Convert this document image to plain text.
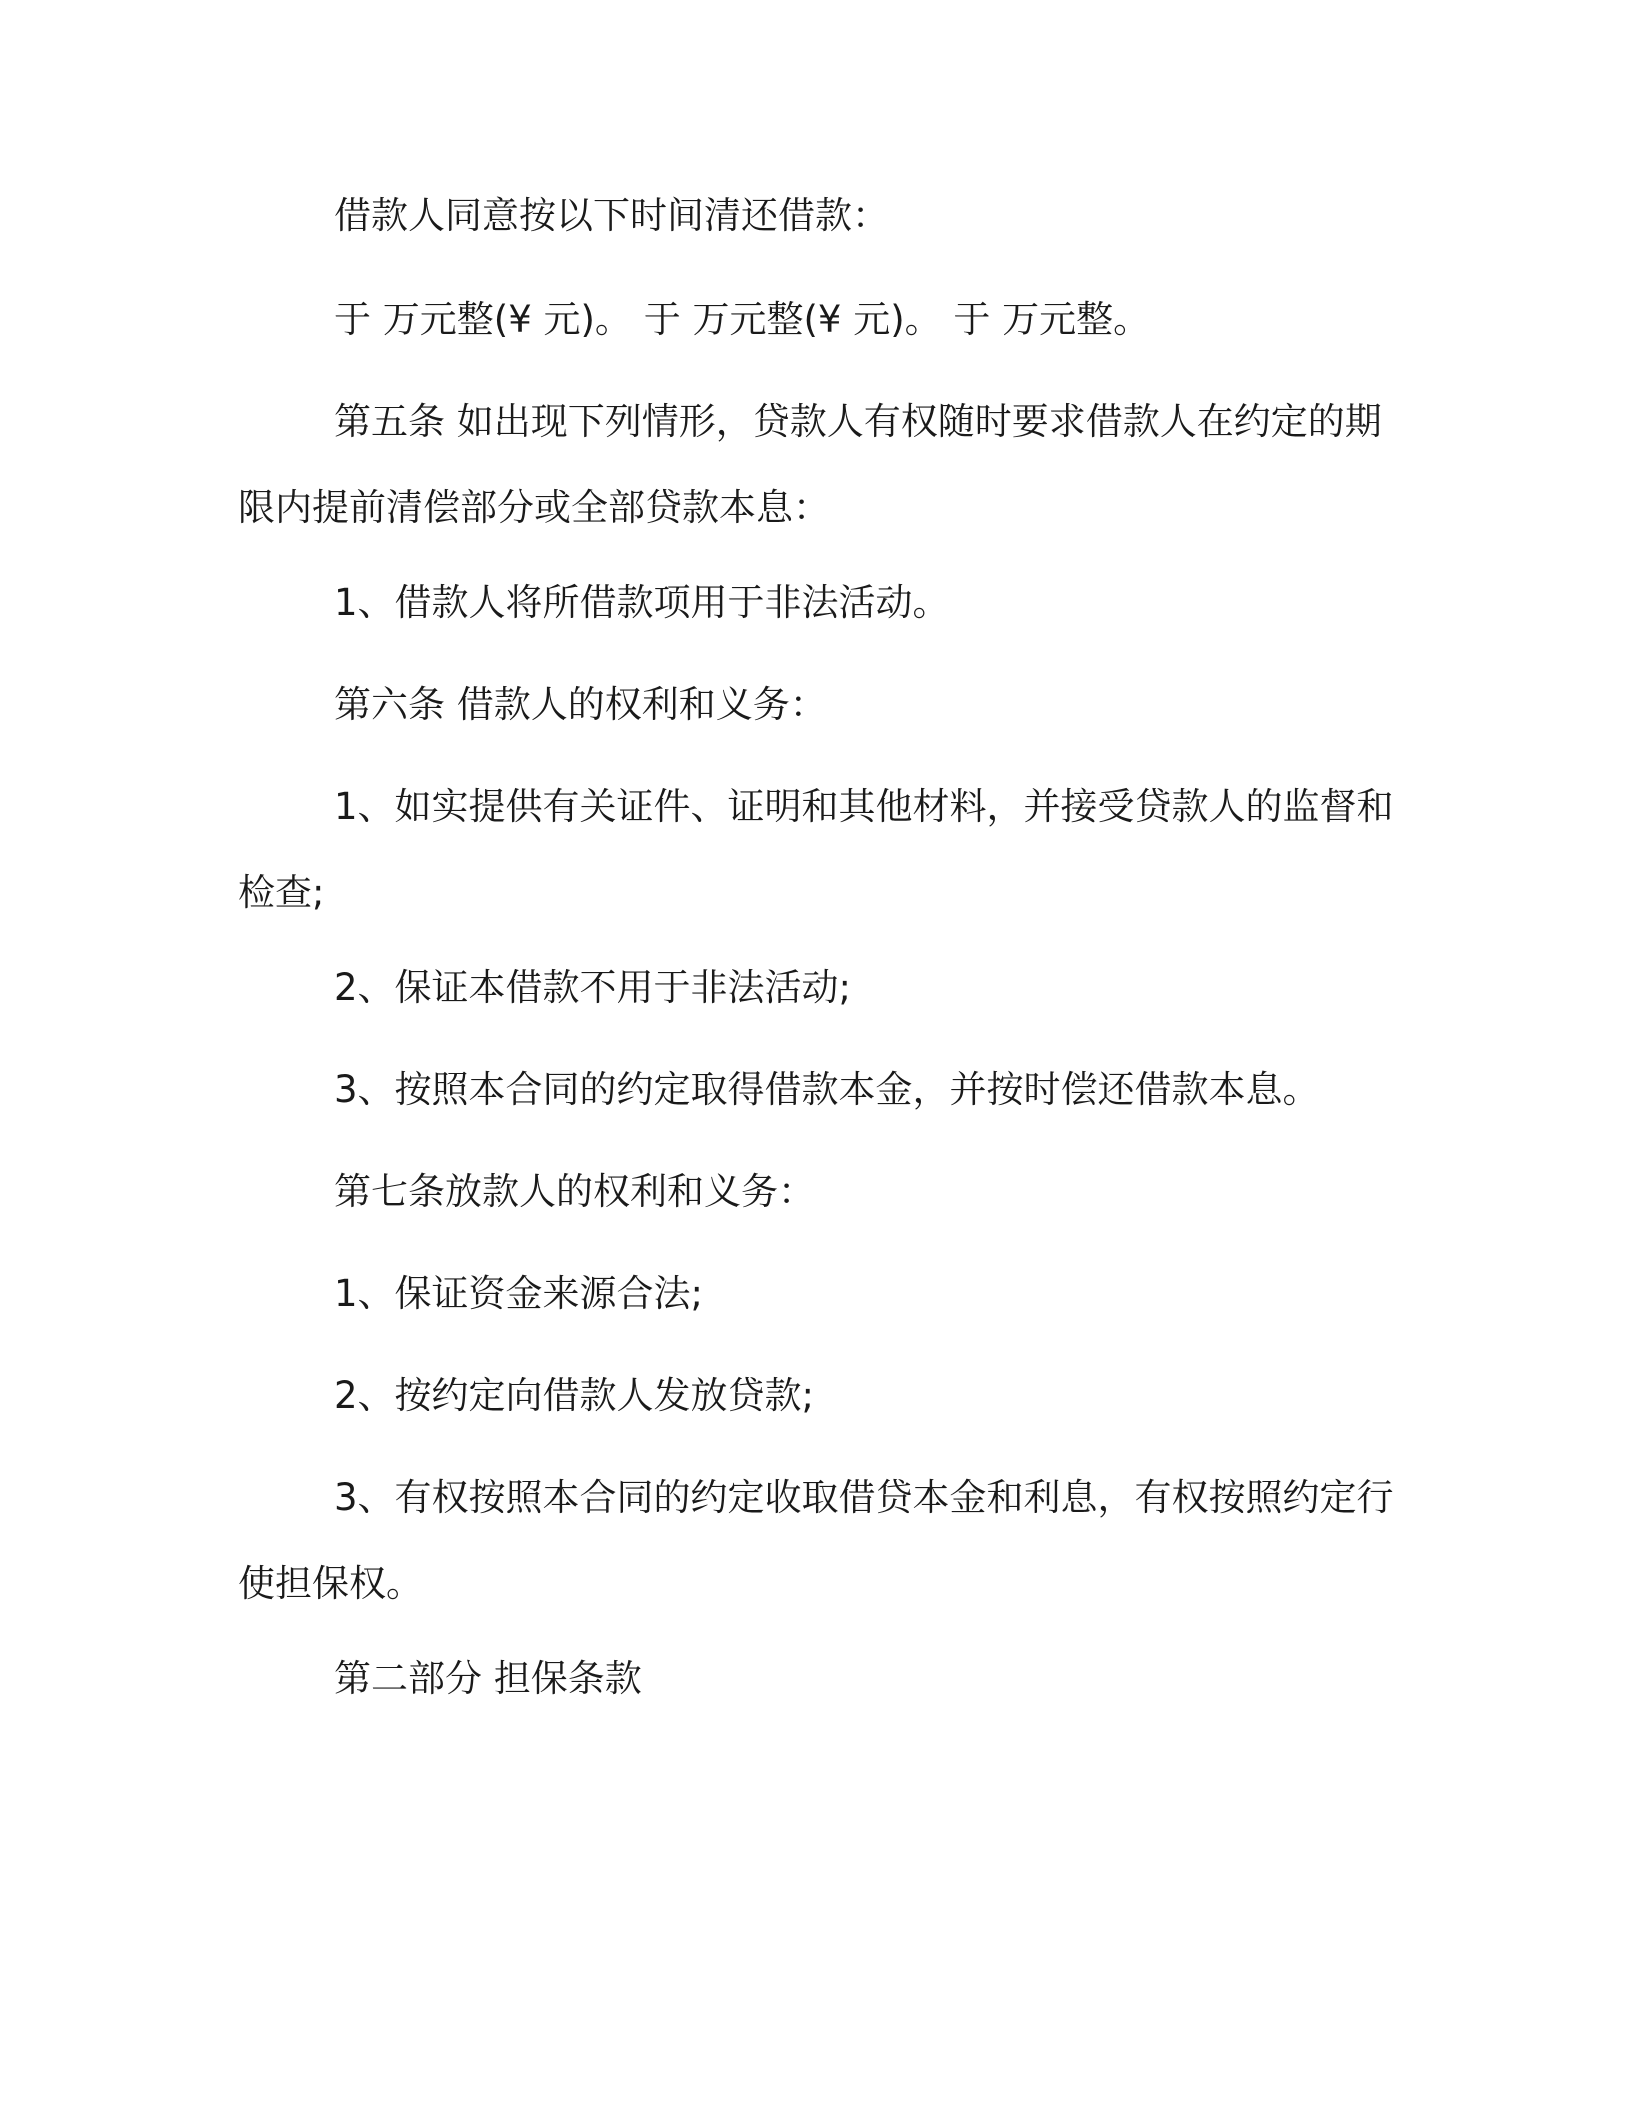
借款人同意按以下时间清还借款：

于 万元整(¥ 元)。 于 万元整(¥ 元)。 于 万元整。

第五条 如出现下列情形，贷款人有权随时要求借款人在约定的期限内提前清偿部分或全部贷款本息：

1、借款人将所借款项用于非法活动。

第六条 借款人的权利和义务：

1、如实提供有关证件、证明和其他材料，并接受贷款人的监督和检查;

2、保证本借款不用于非法活动;

3、按照本合同的约定取得借款本金，并按时偿还借款本息。

第七条放款人的权利和义务：

1、保证资金来源合法;

2、按约定向借款人发放贷款;

3、有权按照本合同的约定收取借贷本金和利息，有权按照约定行使担保权。

第二部分 担保条款
